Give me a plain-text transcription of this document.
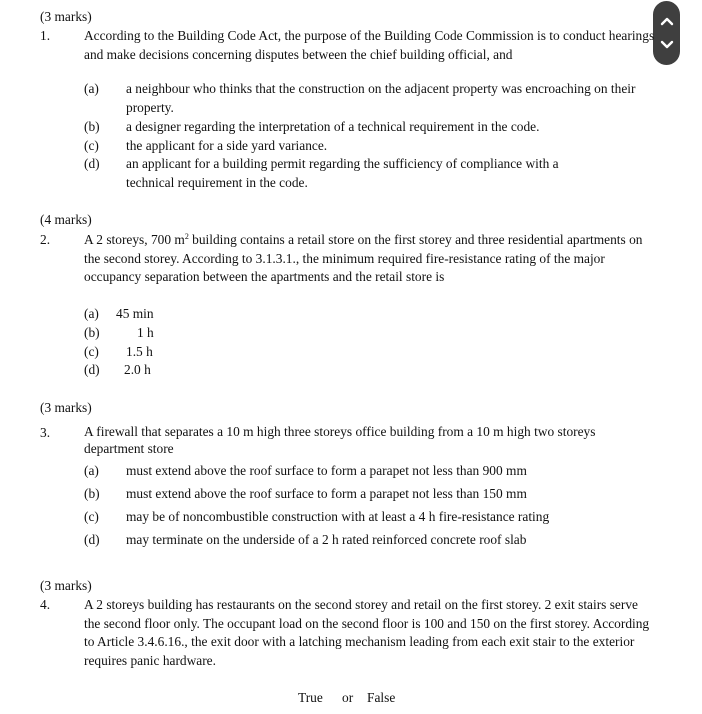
(3 marks)
1.	According to the Building Code Act, the purpose of the Building Code Commission is to conduct hearings and make decisions concerning disputes between the chief building official, and
(a) a neighbour who thinks that the construction on the adjacent property was encroaching on their property.
(b) a designer regarding the interpretation of a technical requirement in the code.
(c) the applicant for a side yard variance.
(d) an applicant for a building permit regarding the sufficiency of compliance with a technical requirement in the code.
(4 marks)
2.	A 2 storeys, 700 $m^2$ building contains a retail store on the first storey and three residential apartments on the second storey. According to 3.1.3.1., the minimum required fire-resistance rating of the major occupancy separation between the apartments and the retail store is
(a) 45 min
(b)	1 h
(c) 1.5 h
(d) 2.0 h
(3 marks)
3.	A firewall that separates a 10 m high three storeys office building from a 10 m high two storeys department store
(a) must extend above the roof surface to form a parapet not less than 900 mm
(b) must extend above the roof surface to form a parapet not less than 150 mm
(c) may be of noncombustible construction with at least a 4 h fire-resistance rating
(d) may terminate on the underside of a 2 h rated reinforced concrete roof slab
(3 marks)
4.	A 2 storeys building has restaurants on the second storey and retail on the first storey. 2 exit stairs serve the second floor only. The occupant load on the second floor is 100 and 150 on the first storey. According to Article 3.4.6.16., the exit door with a latching mechanism leading from each exit stair to the exterior requires panic hardware.
True or False
